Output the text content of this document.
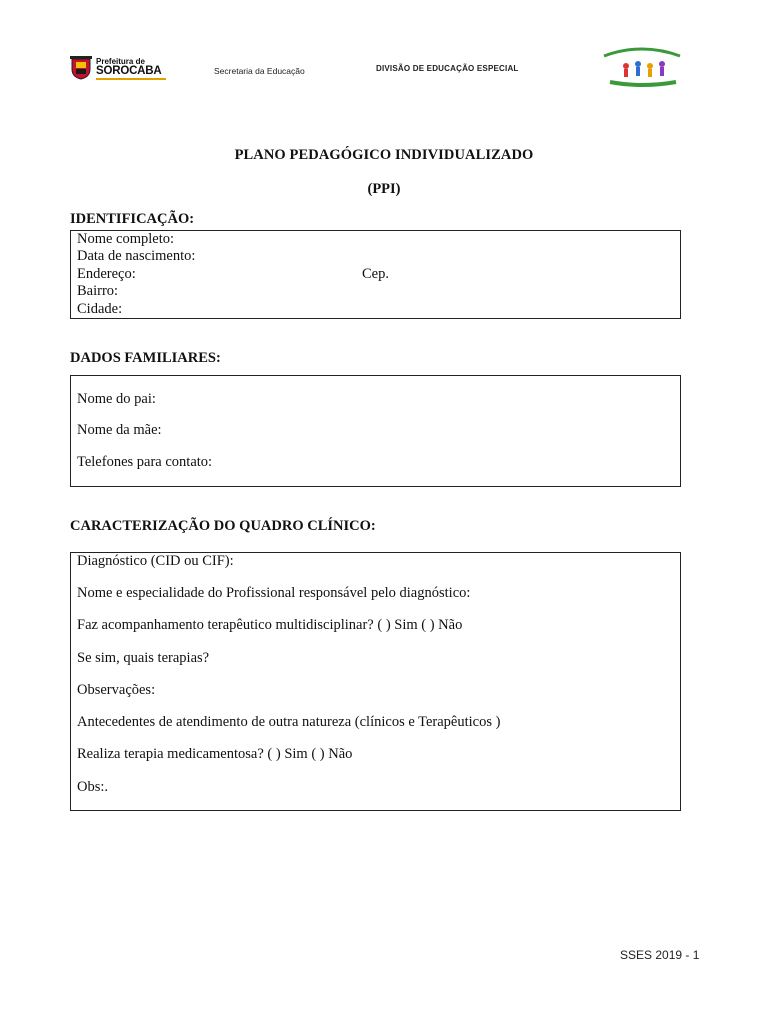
Prefeitura de
SOROCABA	Secretaria da Educação	DIVISÃO DE EDUCAÇÃO ESPECIAL
PLANO PEDAGÓGICO INDIVIDUALIZADO
(PPI)
IDENTIFICAÇÃO:
Nome completo:
Data de nascimento:
Endereço:	Cep.
Bairro:
Cidade:
DADOS FAMILIARES:
Nome do pai:
Nome da mãe:
Telefones para contato:
CARACTERIZAÇÃO DO QUADRO CLÍNICO:
Diagnóstico (CID ou CIF):
Nome e especialidade do Profissional responsável pelo diagnóstico:
Faz acompanhamento terapêutico multidisciplinar? ( ) Sim ( ) Não
Se sim, quais terapias?
Observações:
Antecedentes de atendimento de outra natureza (clínicos e Terapêuticos )
Realiza terapia medicamentosa? ( ) Sim ( ) Não
Obs:.
SSES 2019 - 1
